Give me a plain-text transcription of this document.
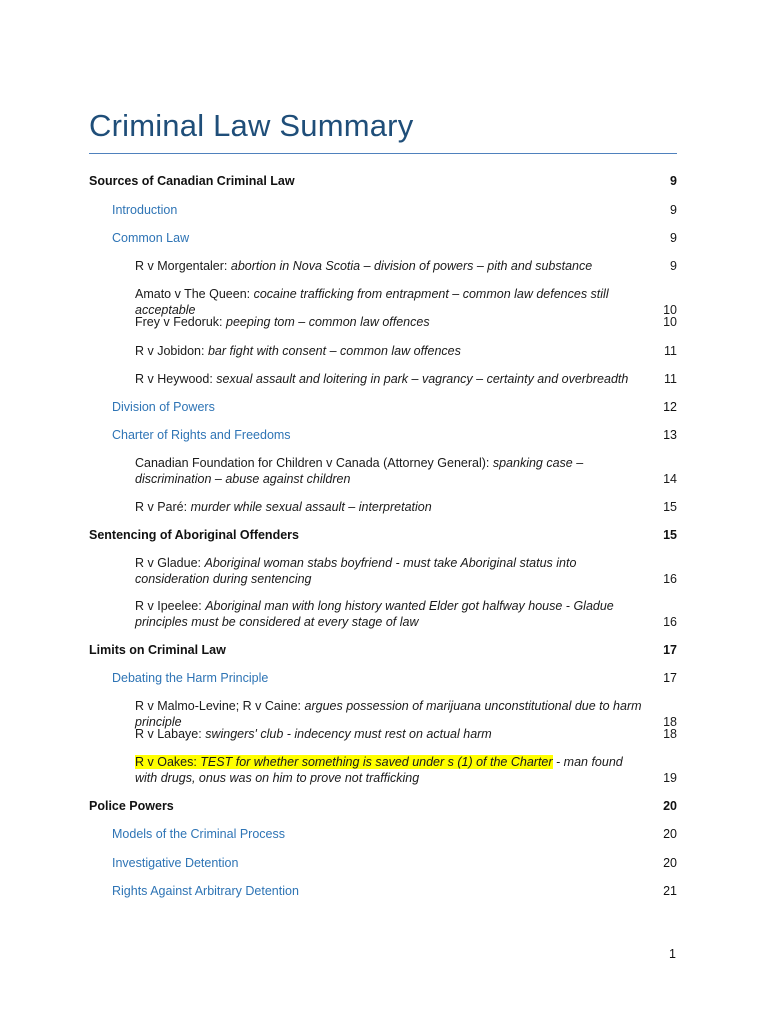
Criminal Law Summary
Sources of Canadian Criminal Law	9
Introduction	9
Common Law	9
R v Morgentaler: abortion in Nova Scotia – division of powers – pith and substance	9
Amato v The Queen: cocaine trafficking from entrapment – common law defences still acceptable	10
Frey v Fedoruk: peeping tom – common law offences	10
R v Jobidon: bar fight with consent – common law offences	11
R v Heywood: sexual assault and loitering in park – vagrancy – certainty and overbreadth	11
Division of Powers	12
Charter of Rights and Freedoms	13
Canadian Foundation for Children v Canada (Attorney General): spanking case – discrimination – abuse against children	14
R v Paré: murder while sexual assault – interpretation	15
Sentencing of Aboriginal Offenders	15
R v Gladue: Aboriginal woman stabs boyfriend - must take Aboriginal status into consideration during sentencing	16
R v Ipeelee: Aboriginal man with long history wanted Elder got halfway house - Gladue principles must be considered at every stage of law	16
Limits on Criminal Law	17
Debating the Harm Principle	17
R v Malmo-Levine; R v Caine: argues possession of marijuana unconstitutional due to harm principle	18
R v Labaye: swingers' club - indecency must rest on actual harm	18
R v Oakes: TEST for whether something is saved under s (1) of the Charter - man found with drugs, onus was on him to prove not trafficking	19
Police Powers	20
Models of the Criminal Process	20
Investigative Detention	20
Rights Against Arbitrary Detention	21
1
